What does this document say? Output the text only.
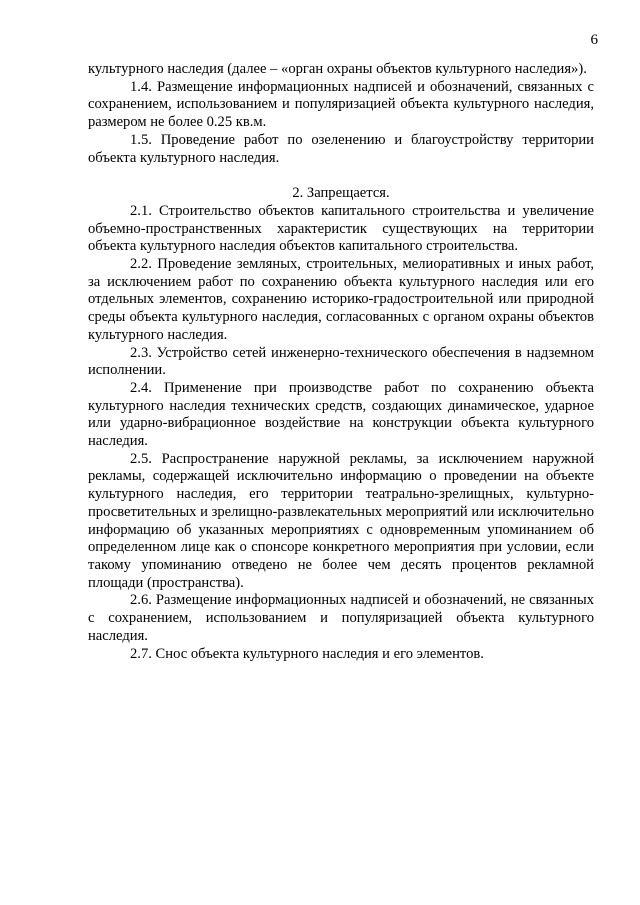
6

культурного наследия (далее – «орган охраны объектов культурного наследия»).

1.4. Размещение информационных надписей и обозначений, связанных с сохранением, использованием и популяризацией объекта культурного наследия, размером не более 0.25 кв.м.

1.5. Проведение работ по озеленению и благоустройству территории объекта культурного наследия.

2. Запрещается.

2.1. Строительство объектов капитального строительства и увеличение объемно-пространственных характеристик существующих на территории объекта культурного наследия объектов капитального строительства.

2.2. Проведение земляных, строительных, мелиоративных и иных работ, за исключением работ по сохранению объекта культурного наследия или его отдельных элементов, сохранению историко-градостроительной или природной среды объекта культурного наследия, согласованных с органом охраны объектов культурного наследия.

2.3. Устройство сетей инженерно-технического обеспечения в надземном исполнении.

2.4. Применение при производстве работ по сохранению объекта культурного наследия технических средств, создающих динамическое, ударное или ударно-вибрационное воздействие на конструкции объекта культурного наследия.

2.5. Распространение наружной рекламы, за исключением наружной рекламы, содержащей исключительно информацию о проведении на объекте культурного наследия, его территории театрально-зрелищных, культурно-просветительных и зрелищно-развлекательных мероприятий или исключительно информацию об указанных мероприятиях с одновременным упоминанием об определенном лице как о спонсоре конкретного мероприятия при условии, если такому упоминанию отведено не более чем десять процентов рекламной площади (пространства).

2.6. Размещение информационных надписей и обозначений, не связанных с сохранением, использованием и популяризацией объекта культурного наследия.

2.7. Снос объекта культурного наследия и его элементов.
